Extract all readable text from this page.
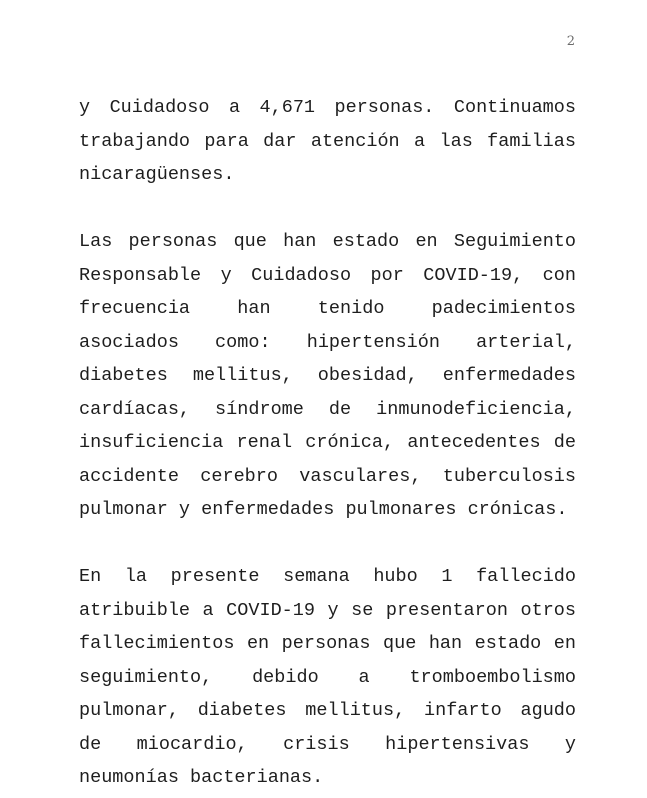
2

y Cuidadoso a 4,671 personas. Continuamos trabajando para dar atención a las familias nicaragüenses.

Las personas que han estado en Seguimiento Responsable y Cuidadoso por COVID-19, con frecuencia han tenido padecimientos asociados como: hipertensión arterial, diabetes mellitus, obesidad, enfermedades cardíacas, síndrome de inmunodeficiencia, insuficiencia renal crónica, antecedentes de accidente cerebro vasculares, tuberculosis pulmonar y enfermedades pulmonares crónicas.

En la presente semana hubo 1 fallecido atribuible a COVID-19 y se presentaron otros fallecimientos en personas que han estado en seguimiento, debido a tromboembolismo pulmonar, diabetes mellitus, infarto agudo de miocardio, crisis hipertensivas y neumonías bacterianas.
